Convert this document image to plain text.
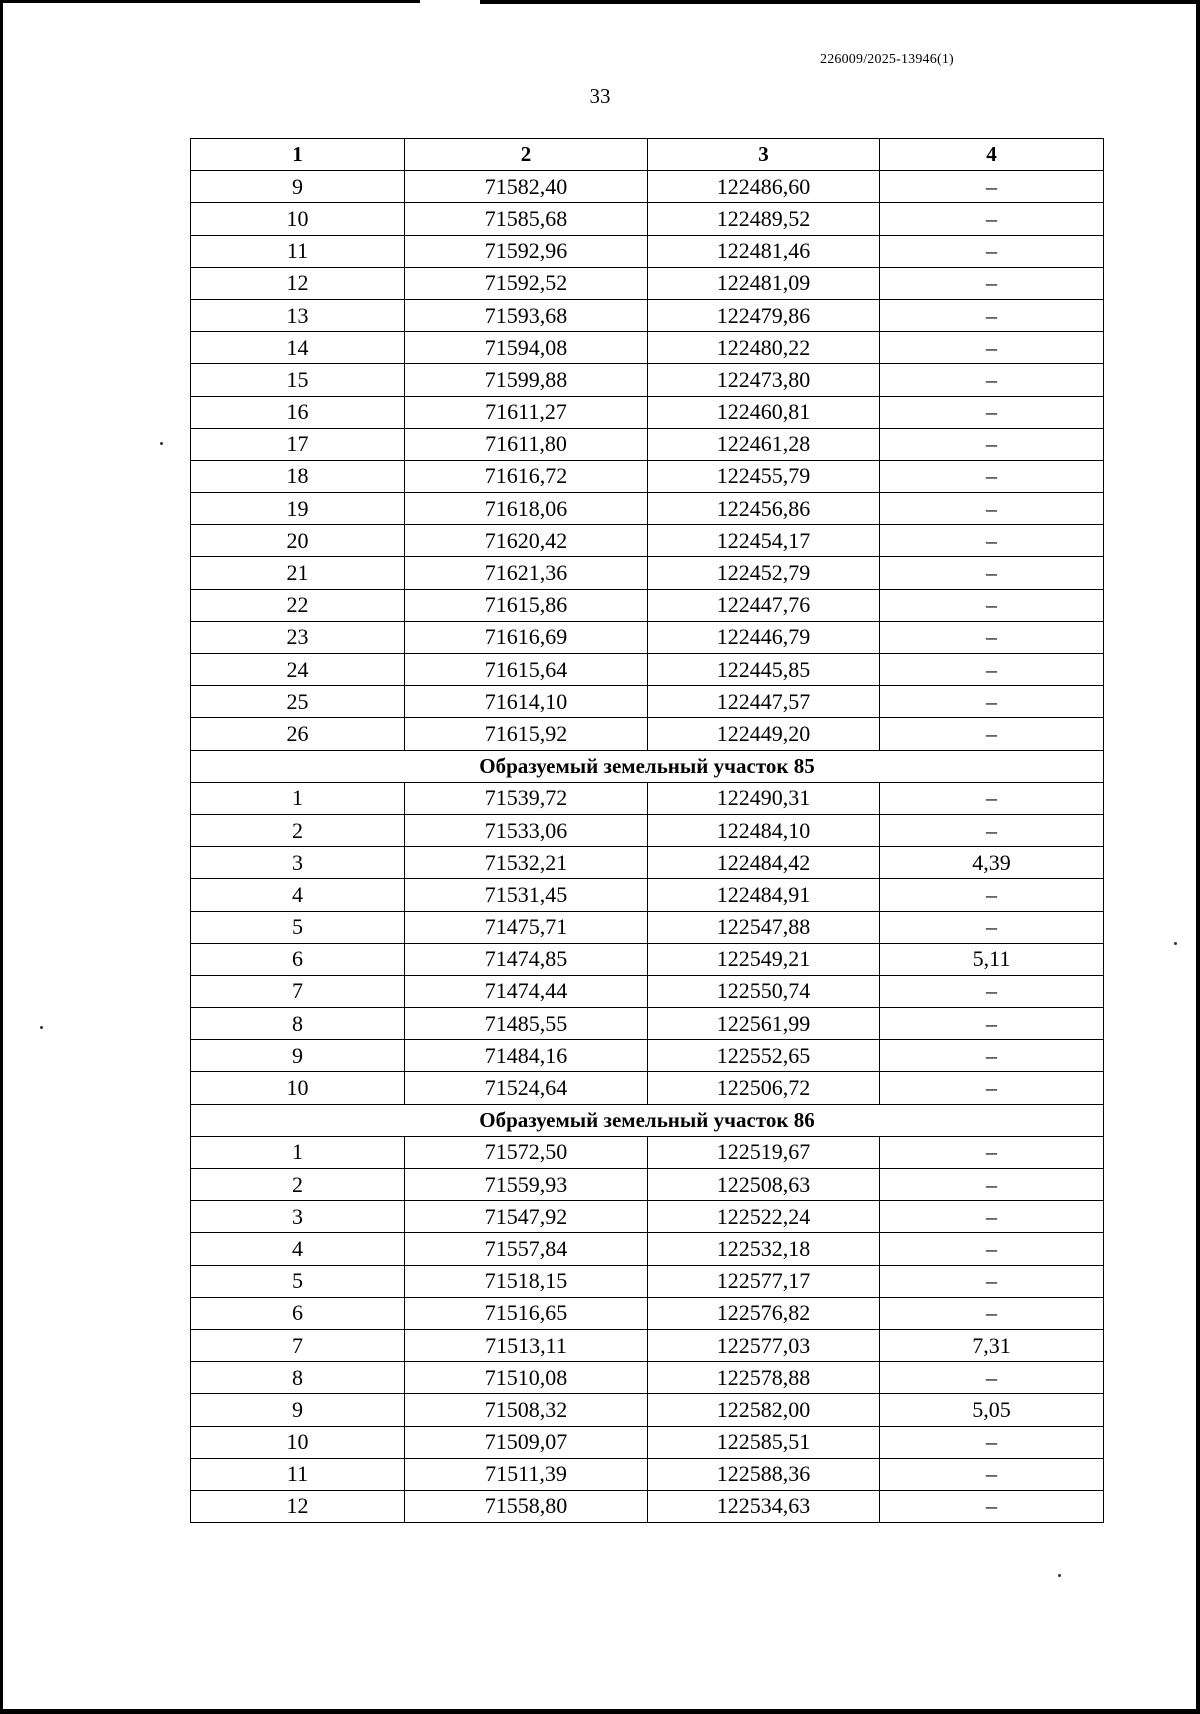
226009/2025-13946(1)
33
1	2	3	4
9	71582,40	122486,60	–
10	71585,68	122489,52	–
11	71592,96	122481,46	–
12	71592,52	122481,09	–
13	71593,68	122479,86	–
14	71594,08	122480,22	–
15	71599,88	122473,80	–
16	71611,27	122460,81	–
17	71611,80	122461,28	–
18	71616,72	122455,79	–
19	71618,06	122456,86	–
20	71620,42	122454,17	–
21	71621,36	122452,79	–
22	71615,86	122447,76	–
23	71616,69	122446,79	–
24	71615,64	122445,85	–
25	71614,10	122447,57	–
26	71615,92	122449,20	–
Образуемый земельный участок 85			
1	71539,72	122490,31	–
2	71533,06	122484,10	–
3	71532,21	122484,42	4,39
4	71531,45	122484,91	–
5	71475,71	122547,88	–
6	71474,85	122549,21	5,11
7	71474,44	122550,74	–
8	71485,55	122561,99	–
9	71484,16	122552,65	–
10	71524,64	122506,72	–
Образуемый земельный участок 86			
1	71572,50	122519,67	–
2	71559,93	122508,63	–
3	71547,92	122522,24	–
4	71557,84	122532,18	–
5	71518,15	122577,17	–
6	71516,65	122576,82	–
7	71513,11	122577,03	7,31
8	71510,08	122578,88	–
9	71508,32	122582,00	5,05
10	71509,07	122585,51	–
11	71511,39	122588,36	–
12	71558,80	122534,63	–
